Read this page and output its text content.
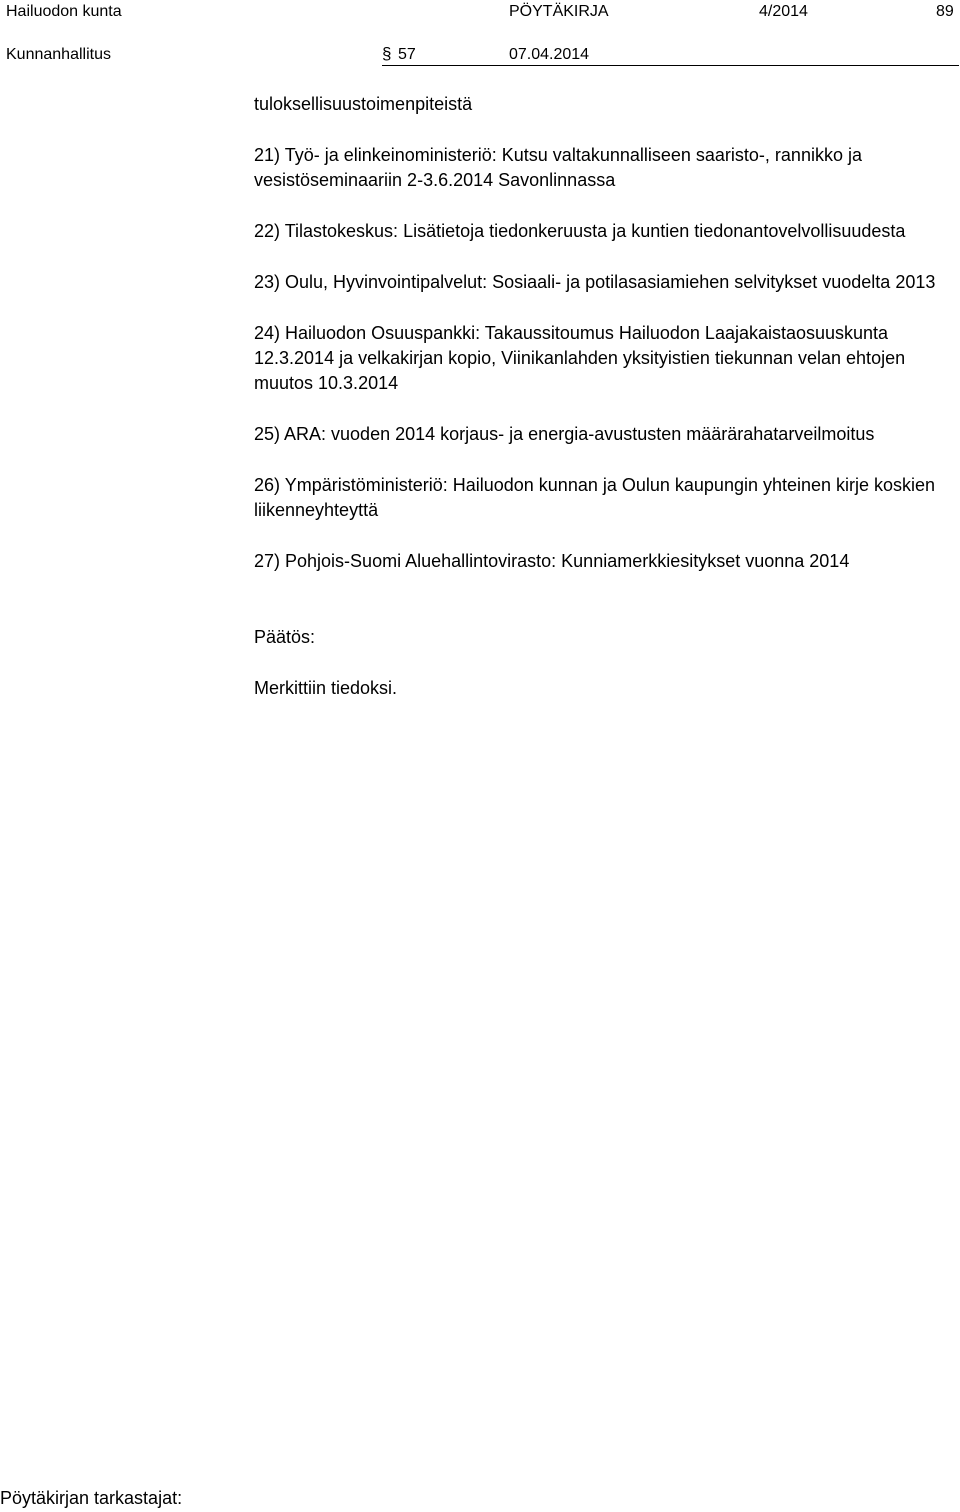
Hailuodon kunta	PÖYTÄKIRJA	4/2014	89
Kunnanhallitus	§ 57	07.04.2014

tuloksellisuustoimenpiteistä

21) Työ- ja elinkeinoministeriö: Kutsu valtakunnalliseen saaristo-, rannikko ja vesistöseminaariin 2-3.6.2014 Savonlinnassa

22) Tilastokeskus: Lisätietoja tiedonkeruusta ja kuntien tiedonantovelvollisuudesta

23) Oulu, Hyvinvointipalvelut: Sosiaali- ja potilasasiamiehen selvitykset vuodelta 2013

24) Hailuodon Osuuspankki: Takaussitoumus Hailuodon Laajakaistaosuuskunta 12.3.2014 ja velkakirjan kopio, Viinikanlahden yksityistien tiekunnan velan ehtojen muutos 10.3.2014

25) ARA: vuoden 2014 korjaus- ja energia-avustusten määrärahatarveilmoitus

26) Ympäristöministeriö: Hailuodon kunnan ja Oulun kaupungin yhteinen kirje koskien liikenneyhteyttä

27) Pohjois-Suomi Aluehallintovirasto: Kunniamerkkiesitykset vuonna 2014

Päätös:

Merkittiin tiedoksi.

Pöytäkirjan tarkastajat:
